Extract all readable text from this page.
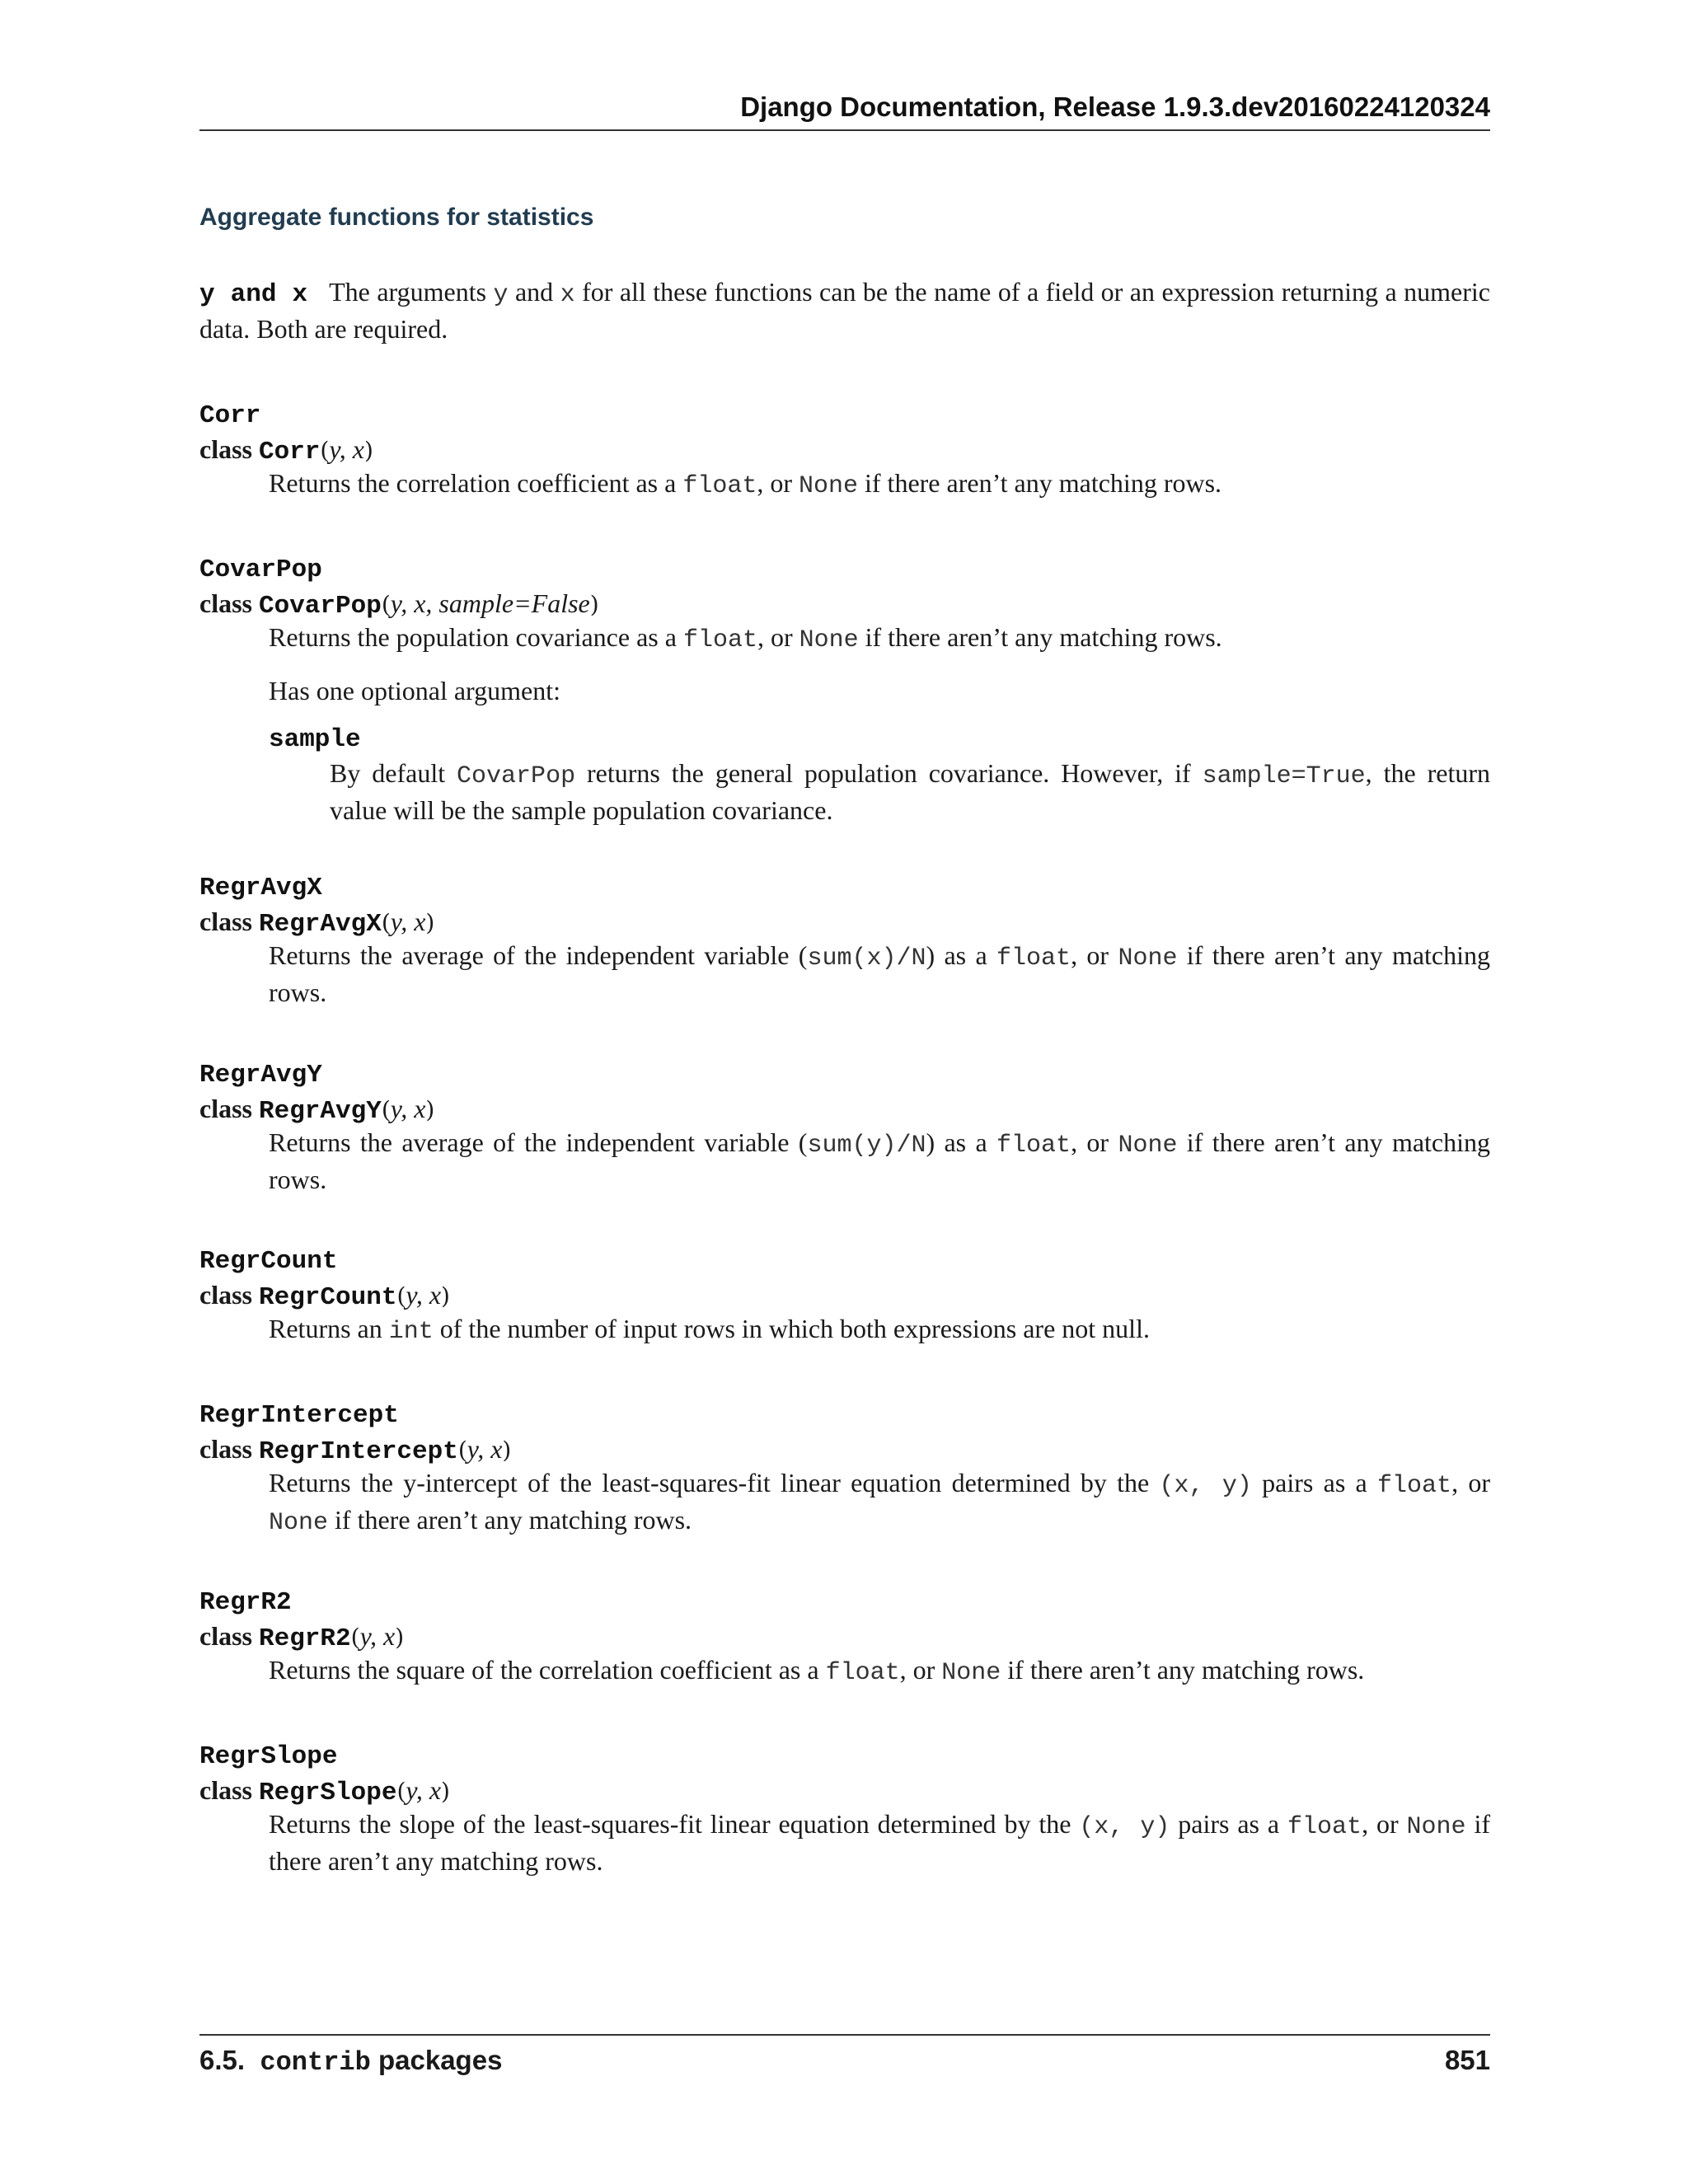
Django Documentation, Release 1.9.3.dev20160224120324
Aggregate functions for statistics
y and x The arguments y and x for all these functions can be the name of a field or an expression returning a numeric data. Both are required.
Corr
class Corr(y, x)
Returns the correlation coefficient as a float, or None if there aren’t any matching rows.
CovarPop
class CovarPop(y, x, sample=False)
Returns the population covariance as a float, or None if there aren’t any matching rows.
Has one optional argument:
sample
By default CovarPop returns the general population covariance. However, if sample=True, the return value will be the sample population covariance.
RegrAvgX
class RegrAvgX(y, x)
Returns the average of the independent variable (sum(x)/N) as a float, or None if there aren’t any matching rows.
RegrAvgY
class RegrAvgY(y, x)
Returns the average of the independent variable (sum(y)/N) as a float, or None if there aren’t any matching rows.
RegrCount
class RegrCount(y, x)
Returns an int of the number of input rows in which both expressions are not null.
RegrIntercept
class RegrIntercept(y, x)
Returns the y-intercept of the least-squares-fit linear equation determined by the (x, y) pairs as a float, or None if there aren’t any matching rows.
RegrR2
class RegrR2(y, x)
Returns the square of the correlation coefficient as a float, or None if there aren’t any matching rows.
RegrSlope
class RegrSlope(y, x)
Returns the slope of the least-squares-fit linear equation determined by the (x, y) pairs as a float, or None if there aren’t any matching rows.
6.5. contrib packages	851
